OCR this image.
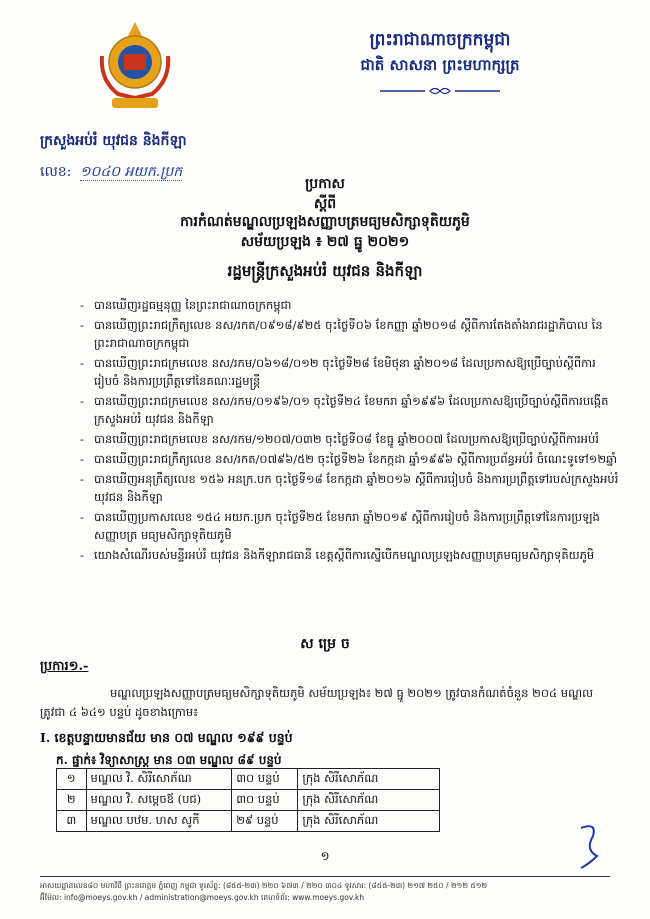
ព្រះរាជាណាចក្រកម្ពុជា
ជាតិ សាសនា ព្រះមហាក្សត្រ
ក្រសួងអប់រំ យុវជន និងកីឡា
លេខ: ១០៤០ អយក.ប្រក
ប្រកាស
ស្តីពី
ការកំណត់មណ្ឌលប្រឡងសញ្ញាបត្រមធ្យមសិក្សាទុតិយភូមិ
សម័យប្រឡង ៖ ២៧ ធ្នូ ២០២១
រដ្ឋមន្ត្រីក្រសួងអប់រំ យុវជន និងកីឡា
- បានឃើញរដ្ឋធម្មនុញ្ញ នៃព្រះរាជាណាចក្រកម្ពុជា
- បានឃើញព្រះរាជក្រឹត្យលេខ នស/រកត/០៩១៨/៩២៥ ចុះថ្ងៃទី០៦ ខែកញ្ញា ឆ្នាំ២០១៨ ស្តីពីការតែងតាំងរាជរដ្ឋាភិបាល នៃព្រះរាជាណាចក្រកម្ពុជា
- បានឃើញព្រះរាជក្រមលេខ នស/រកម/០៦១៨/០១២ ចុះថ្ងៃទី២៨ ខែមិថុនា ឆ្នាំ២០១៨ ដែលប្រកាសឱ្យប្រើច្បាប់ស្តីពីការរៀបចំ និងការប្រព្រឹត្តទៅនៃគណៈរដ្ឋមន្ត្រី
- បានឃើញព្រះរាជក្រមលេខ នស/រកម/០១៩៦/០១ ចុះថ្ងៃទី២៤ ខែមករា ឆ្នាំ១៩៩៦ ដែលប្រកាសឱ្យប្រើច្បាប់ស្តីពីការបង្កើតក្រសួងអប់រំ យុវជន និងកីឡា
- បានឃើញព្រះរាជក្រមលេខ នស/រកម/១២០៧/០៣២ ចុះថ្ងៃទី០៨ ខែធ្នូ ឆ្នាំ២០០៧ ដែលប្រកាសឱ្យប្រើច្បាប់ស្តីពីការអប់រំ
- បានឃើញព្រះរាជក្រឹត្យលេខ នស/រកត/០៧៩៦/៥២ ចុះថ្ងៃទី២៦ ខែកក្កដា ឆ្នាំ១៩៩៦ ស្តីពីការប្រព័ន្ធអប់រំ ចំណេះទូទៅ១២ឆ្នាំ
- បានឃើញអនុក្រឹត្យលេខ ១៥៦ អនក្រ.បក ចុះថ្ងៃទី១៨ ខែកក្កដា ឆ្នាំ២០១៦ ស្តីពីការរៀបចំ និងការប្រព្រឹត្តទៅរបស់ក្រសួងអប់រំ យុវជន និងកីឡា
- បានឃើញប្រកាសលេខ ១៥៤ អយក.ប្រក ចុះថ្ងៃទី២៥ ខែមករា ឆ្នាំ២០១៩ ស្តីពីការរៀបចំ និងការប្រព្រឹត្តទៅនៃការប្រឡងសញ្ញាបត្រ មធ្យមសិក្សាទុតិយភូមិ
- យោងសំណើរបស់មន្ទីរអប់រំ យុវជន និងកីឡារាជធានី ខេត្តស្តីពីការស្នើបើកមណ្ឌលប្រឡងសញ្ញាបត្រមធ្យមសិក្សាទុតិយភូមិ
ស ម្រេ ច
ប្រការ១.-
មណ្ឌលប្រឡងសញ្ញាបត្រមធ្យមសិក្សាទុតិយភូមិ សម័យប្រឡង៖ ២៧ ធ្នូ ២០២១ ត្រូវបានកំណត់ចំនួន ២០៤ មណ្ឌល ត្រូវជា ៤ ៦៤១ បន្ទប់ ដូចខាងក្រោម៖
I. ខេត្តបន្ទាយមានជ័យ មាន ០៧ មណ្ឌល ១៩៩ បន្ទប់
ក. ផ្នាក់៖ វិទ្យាសាស្ត្រ មាន ០៣ មណ្ឌល ៨៩ បន្ទប់
១	មណ្ឌល វិ. សិរីសោភ័ណ	៣០ បន្ទប់	ក្រុង សិរីសោភ័ណ
២	មណ្ឌល វិ. សម្តេចឪ (បជ)	៣០ បន្ទប់	ក្រុង សិរីសោភ័ណ
៣	មណ្ឌល បឋម. ហស សូកី	២៩ បន្ទប់	ក្រុង សិរីសោភ័ណ
១
អាសយដ្ឋានលេខ៨០ មហាវិថី ព្រះនរោត្តម ភ្នំពេញ កម្ពុជា ទូរស័ព្ទ: (៨៥៥-២៣) ២២០ ៦៧៣ / ២២០ ៣០៤ ទូរសារ: (៨៥៥-២៣) ២១៧ ២៥០ / ២១២ ៥១២
អ៊ីម៉ែល: info@moeys.gov.kh / administration@moeys.gov.kh គេហទំព័រ: www.moeys.gov.kh
